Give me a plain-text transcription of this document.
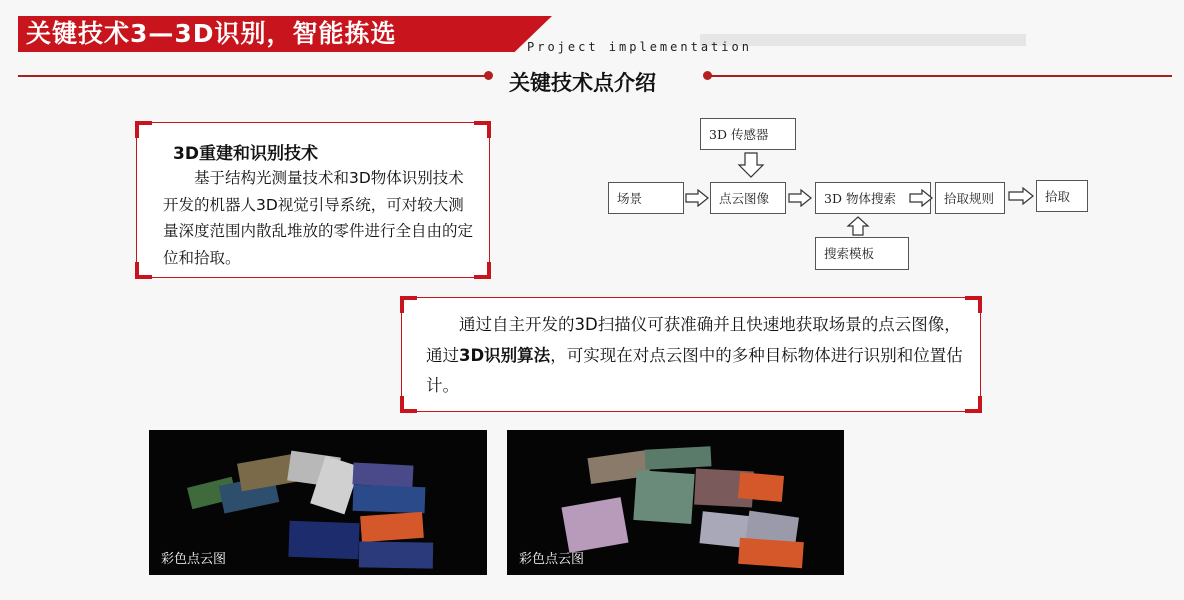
关键技术3—3D识别，智能拣选	Project implementation
关键技术点介绍
3D重建和识别技术
基于结构光测量技术和3D物体识别技术开发的机器人3D视觉引导系统，可对较大测量深度范围内散乱堆放的零件进行全自由的定位和拾取。
3D 传感器
场景	点云图像	3D 物体搜索	拾取规则	拾取
搜索模板
通过自主开发的3D扫描仪可获准确并且快速地获取场景的点云图像，通过3D识别算法，可实现在对点云图中的多种目标物体进行识别和位置估计。
彩色点云图	彩色点云图
